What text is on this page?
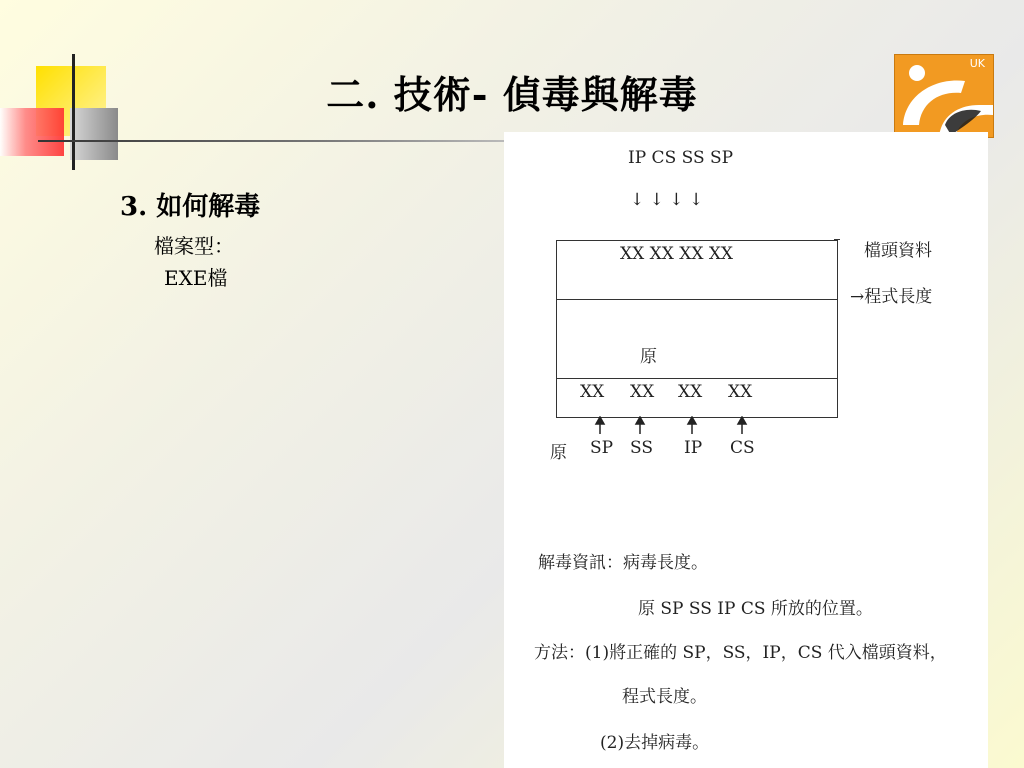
二. 技術- 偵毒與解毒
UK
3. 如何解毒
檔案型：
EXE檔
IP CS SS SP
↓ ↓ ↓ ↓
XX XX XX XX	檔頭資料
→程式長度
原
XX XX XX XX
原 SP SS IP CS
解毒資訊：病毒長度。
原 SP SS IP CS 所放的位置。
方法：(1)將正確的 SP，SS，IP，CS 代入檔頭資料，
程式長度。
(2)去掉病毒。
